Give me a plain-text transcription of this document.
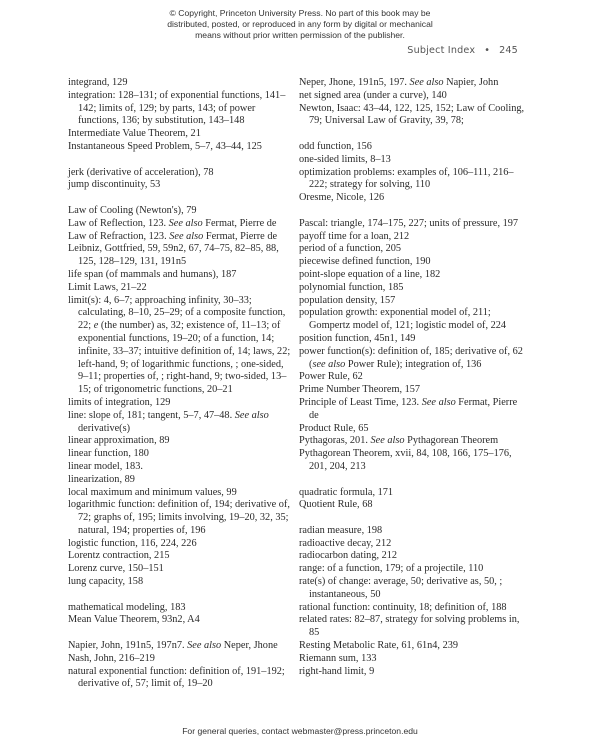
© Copyright, Princeton University Press. No part of this book may be
distributed, posted, or reproduced in any form by digital or mechanical
means without prior written permission of the publisher.
Subject Index • 245
integrand, 129
integration: 128–131; of exponential functions, 141–142; limits of, 129; by parts, 143; of power functions, 136; by substitution, 143–148
Intermediate Value Theorem, 21
Instantaneous Speed Problem, 5–7, 43–44, 125
jerk (derivative of acceleration), 78
jump discontinuity, 53
Law of Cooling (Newton's), 79
Law of Reflection, 123. See also Fermat, Pierre de
Law of Refraction, 123. See also Fermat, Pierre de
Leibniz, Gottfried, 59, 59n2, 67, 74–75, 82–85, 88, 125, 128–129, 131, 191n5
life span (of mammals and humans), 187
Limit Laws, 21–22
limit(s): 4, 6–7; approaching infinity, 30–33; calculating, 8–10, 25–29; of a composite function, 22; e (the number) as, 32; existence of, 11–13; of exponential functions, 19–20; of a function, 14; infinite, 33–37; intuitive definition of, 14; laws, 22; left-hand, 9; of logarithmic functions, ; one-sided, 9–11; properties of, ; right-hand, 9; two-sided, 13–15; of trigonometric functions, 20–21
limits of integration, 129
line: slope of, 181; tangent, 5–7, 47–48. See also derivative(s)
linear approximation, 89
linear function, 180
linear model, 183.
linearization, 89
local maximum and minimum values, 99
logarithmic function: definition of, 194; derivative of, 72; graphs of, 195; limits involving, 19–20, 32, 35; natural, 194; properties of, 196
logistic function, 116, 224, 226
Lorentz contraction, 215
Lorenz curve, 150–151
lung capacity, 158
mathematical modeling, 183
Mean Value Theorem, 93n2, A4
Napier, John, 191n5, 197n7. See also Neper, Jhone
Nash, John, 216–219
natural exponential function: definition of, 191–192; derivative of, 57; limit of, 19–20
Neper, Jhone, 191n5, 197. See also Napier, John
net signed area (under a curve), 140
Newton, Isaac: 43–44, 122, 125, 152; Law of Cooling, 79; Universal Law of Gravity, 39, 78;
odd function, 156
one-sided limits, 8–13
optimization problems: examples of, 106–111, 216–222; strategy for solving, 110
Oresme, Nicole, 126
Pascal: triangle, 174–175, 227; units of pressure, 197
payoff time for a loan, 212
period of a function, 205
piecewise defined function, 190
point-slope equation of a line, 182
polynomial function, 185
population density, 157
population growth: exponential model of, 211; Gompertz model of, 121; logistic model of, 224
position function, 45n1, 149
power function(s): definition of, 185; derivative of, 62 (see also Power Rule); integration of, 136
Power Rule, 62
Prime Number Theorem, 157
Principle of Least Time, 123. See also Fermat, Pierre de
Product Rule, 65
Pythagoras, 201. See also Pythagorean Theorem
Pythagorean Theorem, xvii, 84, 108, 166, 175–176, 201, 204, 213
quadratic formula, 171
Quotient Rule, 68
radian measure, 198
radioactive decay, 212
radiocarbon dating, 212
range: of a function, 179; of a projectile, 110
rate(s) of change: average, 50; derivative as, 50, ; instantaneous, 50
rational function: continuity, 18; definition of, 188
related rates: 82–87, strategy for solving problems in, 85
Resting Metabolic Rate, 61, 61n4, 239
Riemann sum, 133
right-hand limit, 9
For general queries, contact webmaster@press.princeton.edu
